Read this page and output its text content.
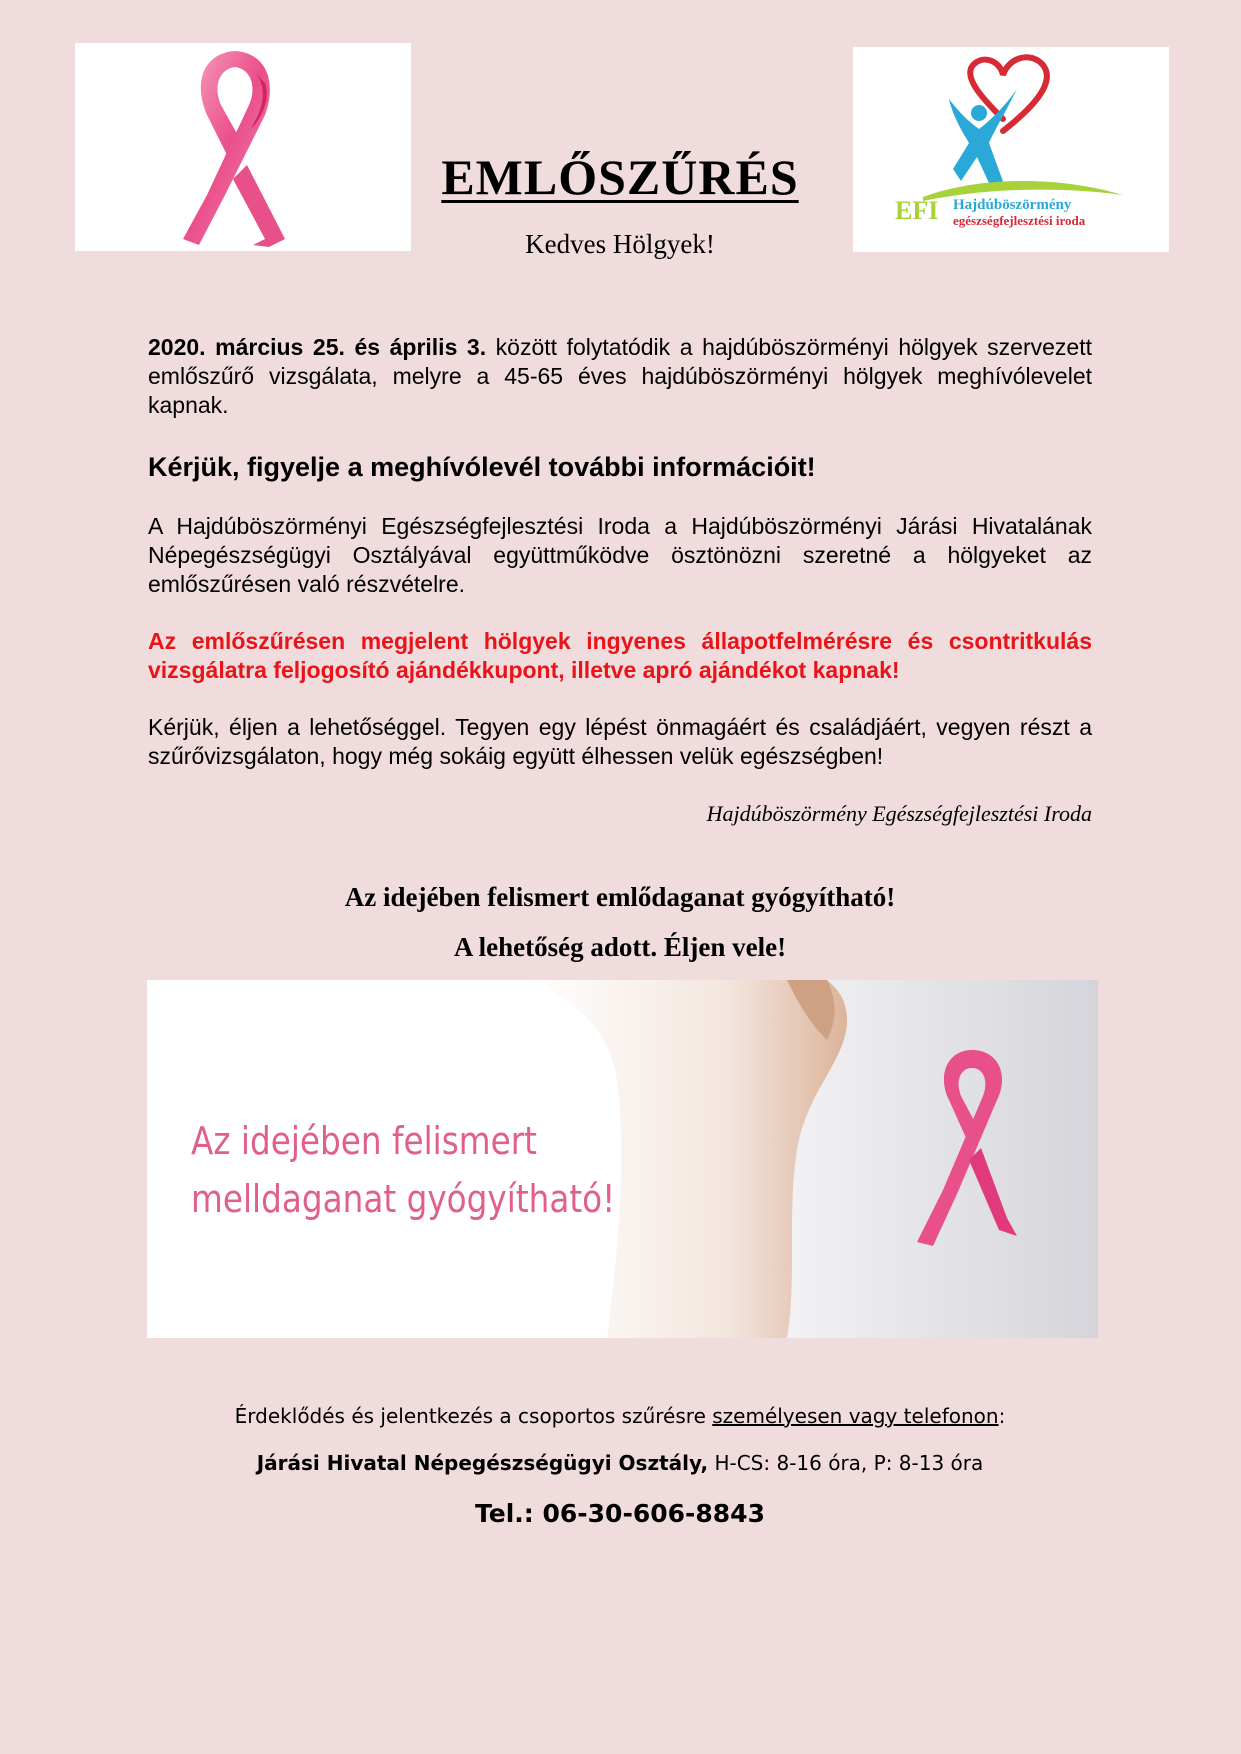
EMLŐSZŰRÉS
Kedves Hölgyek!
EFI Hajdúböszörmény
egészségfejlesztési iroda
2020. március 25. és április 3. között folytatódik a hajdúböszörményi hölgyek szervezett emlőszűrő vizsgálata, melyre a 45-65 éves hajdúböszörményi hölgyek meghívólevelet kapnak.
Kérjük, figyelje a meghívólevél további információit!
A Hajdúböszörményi Egészségfejlesztési Iroda a Hajdúböszörményi Járási Hivatalának Népegészségügyi Osztályával együttműködve ösztönözni szeretné a hölgyeket az emlőszűrésen való részvételre.
Az emlőszűrésen megjelent hölgyek ingyenes állapotfelmérésre és csontritkulás vizsgálatra feljogosító ajándékkupont, illetve apró ajándékot kapnak!
Kérjük, éljen a lehetőséggel. Tegyen egy lépést önmagáért és családjáért, vegyen részt a szűrővizsgálaton, hogy még sokáig együtt élhessen velük egészségben!
Hajdúböszörmény Egészségfejlesztési Iroda
Az idejében felismert emlődaganat gyógyítható!
A lehetőség adott. Éljen vele!
Az idejében felismert
melldaganat gyógyítható!
Érdeklődés és jelentkezés a csoportos szűrésre személyesen vagy telefonon:
Járási Hivatal Népegészségügyi Osztály, H-CS: 8-16 óra, P: 8-13 óra
Tel.: 06-30-606-8843
